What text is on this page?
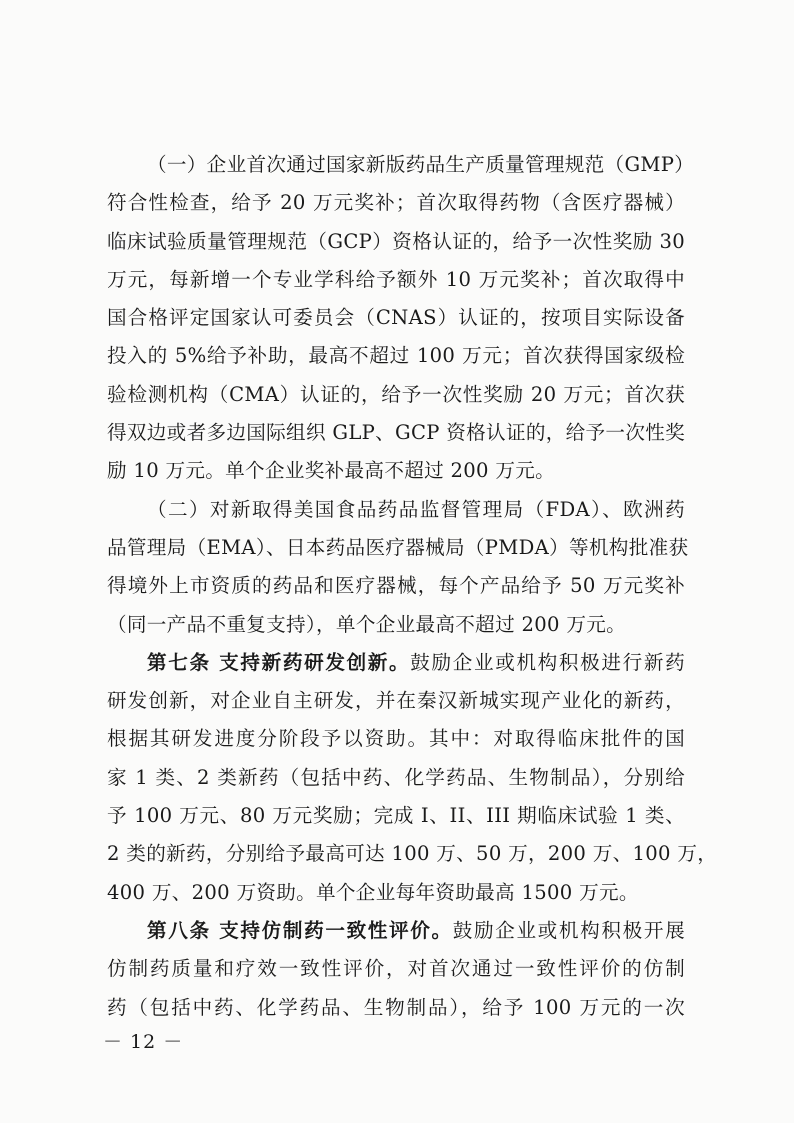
（一）企业首次通过国家新版药品生产质量管理规范（GMP）
符合性检查，给予 20 万元奖补；首次取得药物（含医疗器械）
临床试验质量管理规范（GCP）资格认证的，给予一次性奖励 30
万元，每新增一个专业学科给予额外 10 万元奖补；首次取得中
国合格评定国家认可委员会（CNAS）认证的，按项目实际设备
投入的 5%给予补助，最高不超过 100 万元；首次获得国家级检
验检测机构（CMA）认证的，给予一次性奖励 20 万元；首次获
得双边或者多边国际组织 GLP、GCP 资格认证的，给予一次性奖
励 10 万元。单个企业奖补最高不超过 200 万元。
（二）对新取得美国食品药品监督管理局（FDA）、欧洲药
品管理局（EMA）、日本药品医疗器械局（PMDA）等机构批准获
得境外上市资质的药品和医疗器械，每个产品给予 50 万元奖补
（同一产品不重复支持），单个企业最高不超过 200 万元。
第七条 支持新药研发创新。鼓励企业或机构积极进行新药
研发创新，对企业自主研发，并在秦汉新城实现产业化的新药，
根据其研发进度分阶段予以资助。其中：对取得临床批件的国
家 1 类、2 类新药（包括中药、化学药品、生物制品），分别给
予 100 万元、80 万元奖励；完成 I、II、III 期临床试验 1 类、
2 类的新药，分别给予最高可达 100 万、50 万，200 万、100 万，
400 万、200 万资助。单个企业每年资助最高 1500 万元。
第八条 支持仿制药一致性评价。鼓励企业或机构积极开展
仿制药质量和疗效一致性评价，对首次通过一致性评价的仿制
药（包括中药、化学药品、生物制品），给予 100 万元的一次
－ 12 －
